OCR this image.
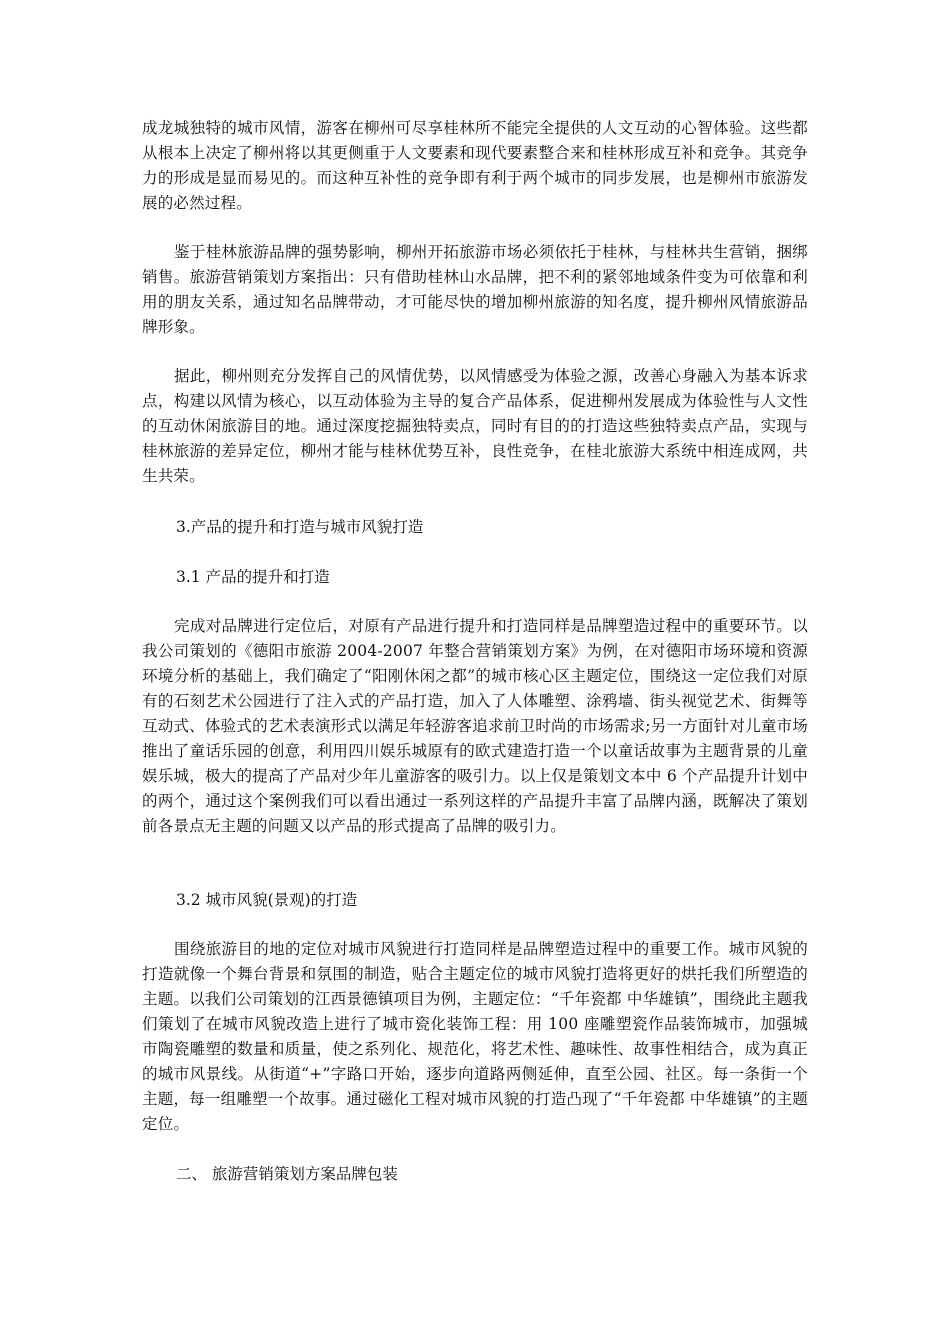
成龙城独特的城市风情，游客在柳州可尽享桂林所不能完全提供的人文互动的心智体验。这些都从根本上决定了柳州将以其更侧重于人文要素和现代要素整合来和桂林形成互补和竞争。其竞争力的形成是显而易见的。而这种互补性的竞争即有利于两个城市的同步发展，也是柳州市旅游发展的必然过程。

鉴于桂林旅游品牌的强势影响，柳州开拓旅游市场必须依托于桂林，与桂林共生营销，捆绑销售。旅游营销策划方案指出：只有借助桂林山水品牌，把不利的紧邻地域条件变为可依靠和利用的朋友关系，通过知名品牌带动，才可能尽快的增加柳州旅游的知名度，提升柳州风情旅游品牌形象。

据此，柳州则充分发挥自己的风情优势，以风情感受为体验之源，改善心身融入为基本诉求点，构建以风情为核心，以互动体验为主导的复合产品体系，促进柳州发展成为体验性与人文性的互动休闲旅游目的地。通过深度挖掘独特卖点，同时有目的的打造这些独特卖点产品，实现与桂林旅游的差异定位，柳州才能与桂林优势互补，良性竞争，在桂北旅游大系统中相连成网，共生共荣。

3.产品的提升和打造与城市风貌打造

3.1 产品的提升和打造

完成对品牌进行定位后，对原有产品进行提升和打造同样是品牌塑造过程中的重要环节。以我公司策划的《德阳市旅游 2004-2007 年整合营销策划方案》为例，在对德阳市场环境和资源环境分析的基础上，我们确定了“阳刚休闲之都”的城市核心区主题定位，围绕这一定位我们对原有的石刻艺术公园进行了注入式的产品打造，加入了人体雕塑、涂鸦墙、街头视觉艺术、街舞等互动式、体验式的艺术表演形式以满足年轻游客追求前卫时尚的市场需求;另一方面针对儿童市场推出了童话乐园的创意，利用四川娱乐城原有的欧式建造打造一个以童话故事为主题背景的儿童娱乐城，极大的提高了产品对少年儿童游客的吸引力。以上仅是策划文本中 6 个产品提升计划中的两个，通过这个案例我们可以看出通过一系列这样的产品提升丰富了品牌内涵，既解决了策划前各景点无主题的问题又以产品的形式提高了品牌的吸引力。

3.2 城市风貌(景观)的打造

围绕旅游目的地的定位对城市风貌进行打造同样是品牌塑造过程中的重要工作。城市风貌的打造就像一个舞台背景和氛围的制造，贴合主题定位的城市风貌打造将更好的烘托我们所塑造的主题。以我们公司策划的江西景德镇项目为例，主题定位：“千年瓷都 中华雄镇”，围绕此主题我们策划了在城市风貌改造上进行了城市瓷化装饰工程：用 100 座雕塑瓷作品装饰城市，加强城市陶瓷雕塑的数量和质量，使之系列化、规范化，将艺术性、趣味性、故事性相结合，成为真正的城市风景线。从街道“+”字路口开始，逐步向道路两侧延伸，直至公园、社区。每一条街一个主题，每一组雕塑一个故事。通过磁化工程对城市风貌的打造凸现了“千年瓷都 中华雄镇”的主题定位。

二、 旅游营销策划方案品牌包装
